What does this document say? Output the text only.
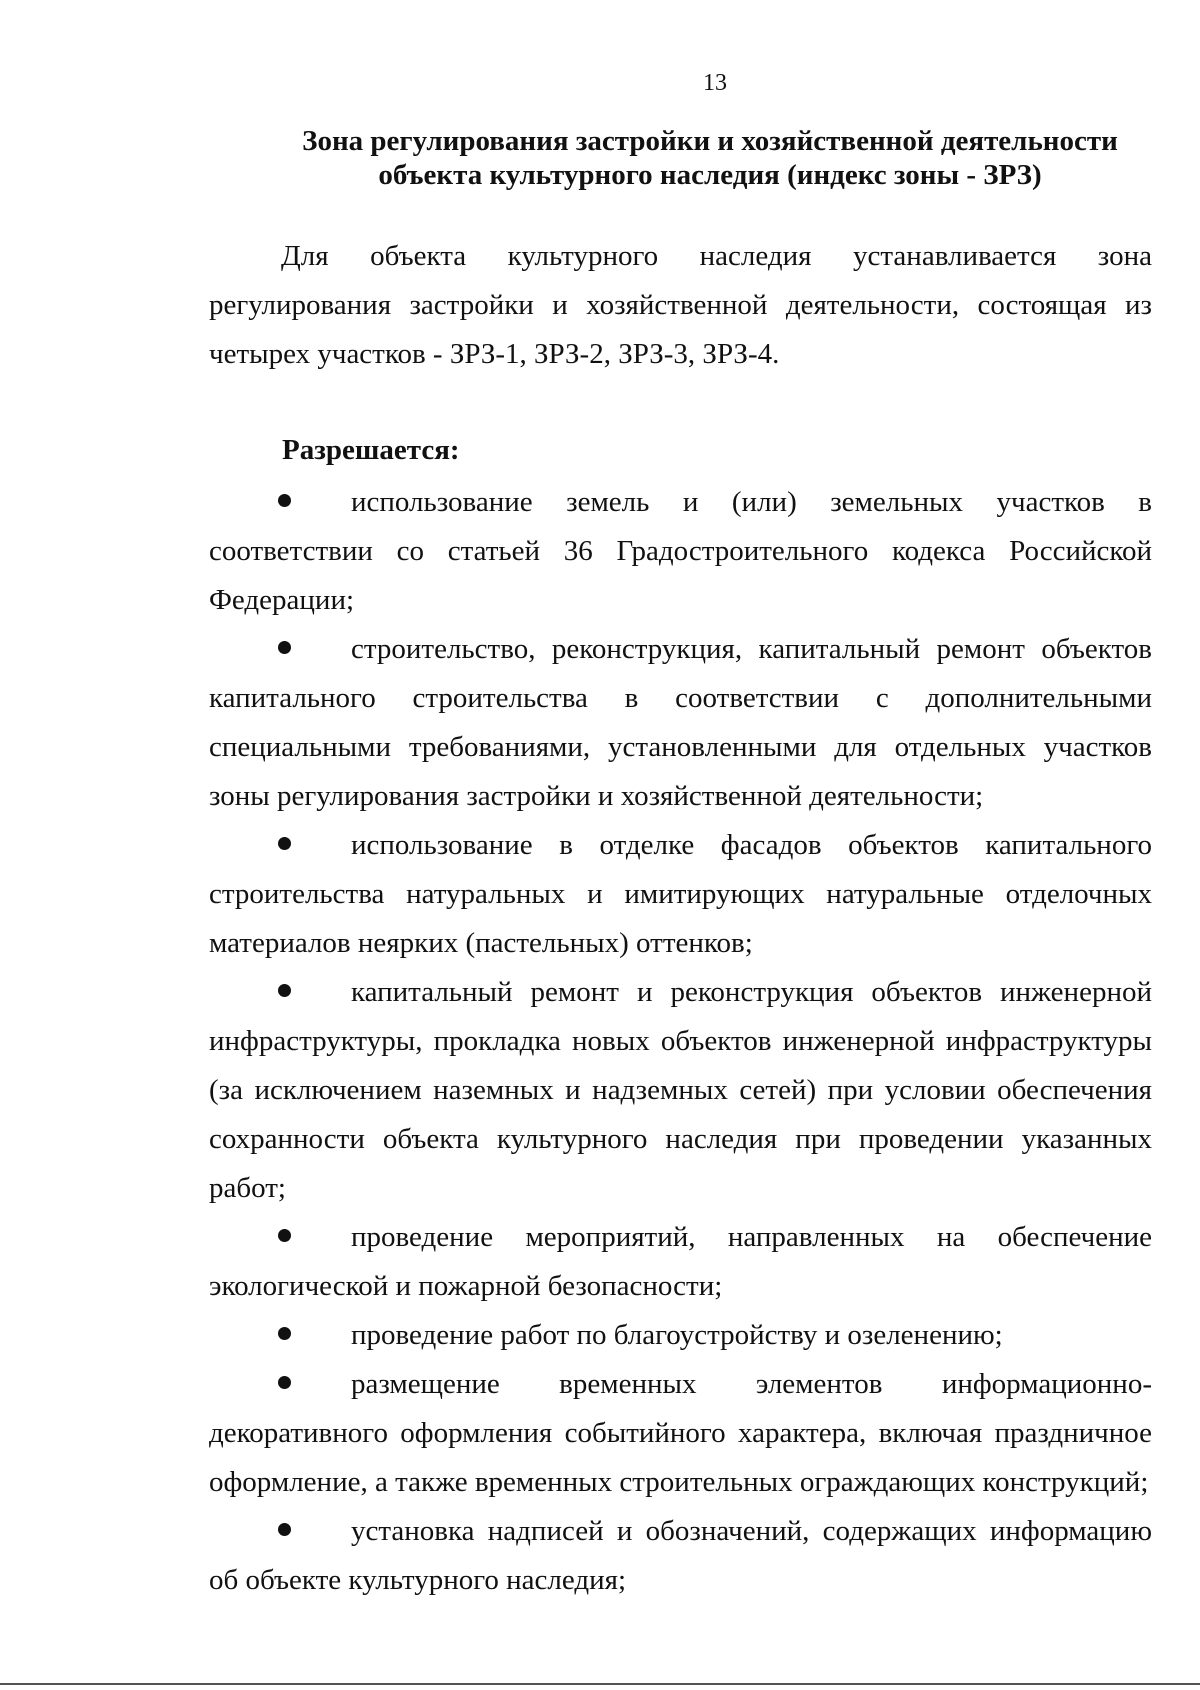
13
Зона регулирования застройки и хозяйственной деятельности
объекта культурного наследия (индекс зоны - ЗРЗ)
Для объекта культурного наследия устанавливается зона регулирования застройки и хозяйственной деятельности, состоящая из четырех участков - ЗРЗ-1, ЗРЗ-2, ЗРЗ-3, ЗРЗ-4.
Разрешается:
использование земель и (или) земельных участков в соответствии со статьей 36 Градостроительного кодекса Российской Федерации;
строительство, реконструкция, капитальный ремонт объектов капитального строительства в соответствии с дополнительными специальными требованиями, установленными для отдельных участков зоны регулирования застройки и хозяйственной деятельности;
использование в отделке фасадов объектов капитального строительства натуральных и имитирующих натуральные отделочных материалов неярких (пастельных) оттенков;
капитальный ремонт и реконструкция объектов инженерной инфраструктуры, прокладка новых объектов инженерной инфраструктуры (за исключением наземных и надземных сетей) при условии обеспечения сохранности объекта культурного наследия при проведении указанных работ;
проведение мероприятий, направленных на обеспечение экологической и пожарной безопасности;
проведение работ по благоустройству и озеленению;
размещение временных элементов информационно-декоративного оформления событийного характера, включая праздничное оформление, а также временных строительных ограждающих конструкций;
установка надписей и обозначений, содержащих информацию об объекте культурного наследия;
